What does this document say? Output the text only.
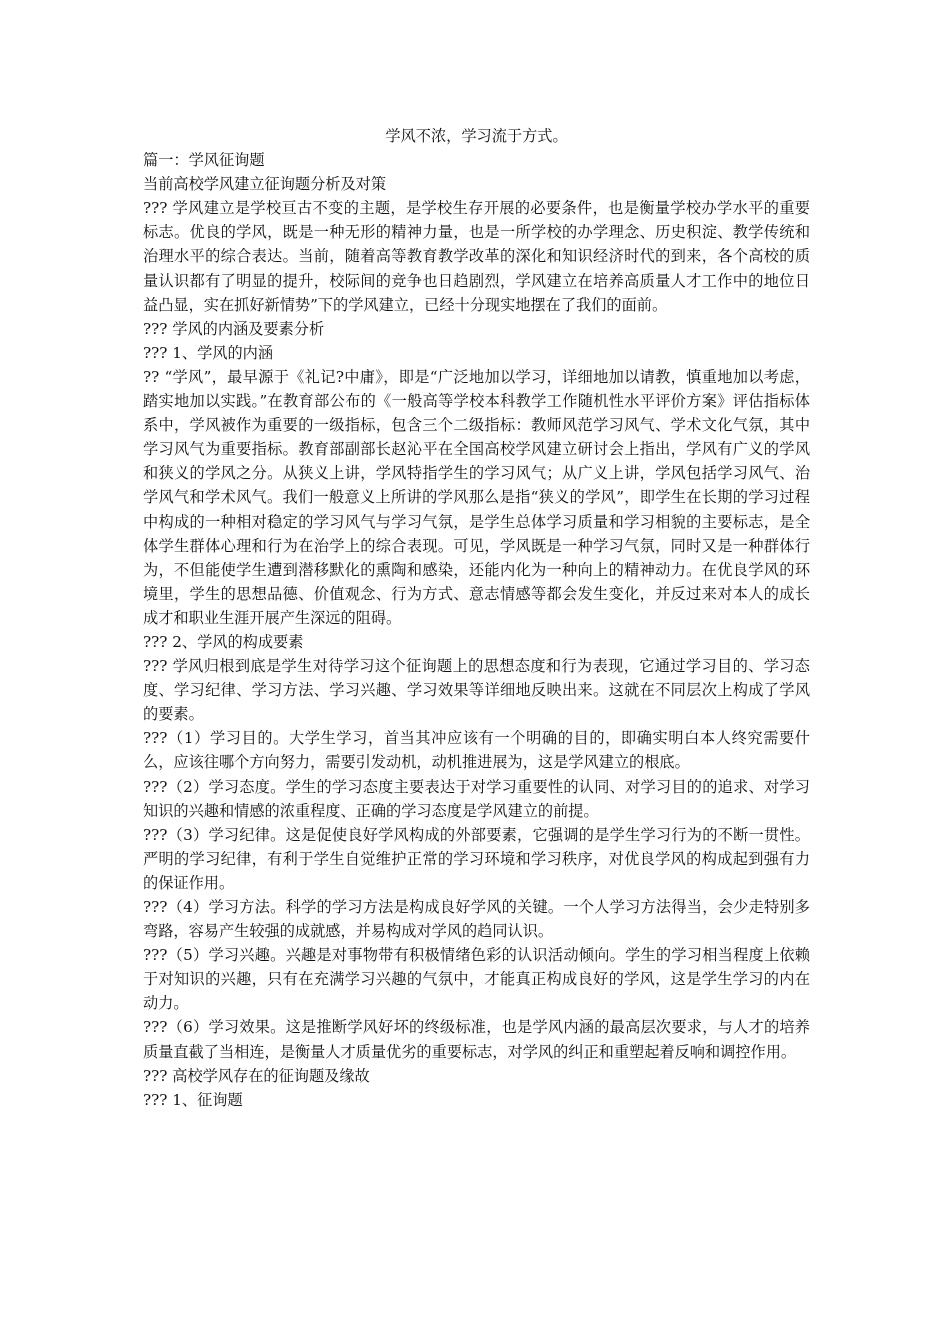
学风不浓，学习流于方式。

篇一：学风征询题

当前高校学风建立征询题分析及对策

??? 学风建立是学校亘古不变的主题，是学校生存开展的必要条件，也是衡量学校办学水平的重要标志。优良的学风，既是一种无形的精神力量，也是一所学校的办学理念、历史积淀、教学传统和治理水平的综合表达。当前，随着高等教育教学改革的深化和知识经济时代的到来，各个高校的质量认识都有了明显的提升，校际间的竞争也日趋剧烈，学风建立在培养高质量人才工作中的地位日益凸显，实在抓好新情势”下的学风建立，已经十分现实地摆在了我们的面前。

??? 学风的内涵及要素分析

??? 1、学风的内涵

?? “学风”，最早源于《礼记?中庸》，即是“广泛地加以学习，详细地加以请教，慎重地加以考虑，踏实地加以实践。”在教育部公布的《一般高等学校本科教学工作随机性水平评价方案》评估指标体系中，学风被作为重要的一级指标，包含三个二级指标：教师风范学习风气、学术文化气氛，其中学习风气为重要指标。教育部副部长赵沁平在全国高校学风建立研讨会上指出，学风有广义的学风和狭义的学风之分。从狭义上讲，学风特指学生的学习风气；从广义上讲，学风包括学习风气、治学风气和学术风气。我们一般意义上所讲的学风那么是指“狭义的学风”，即学生在长期的学习过程中构成的一种相对稳定的学习风气与学习气氛，是学生总体学习质量和学习相貌的主要标志，是全体学生群体心理和行为在治学上的综合表现。可见，学风既是一种学习气氛，同时又是一种群体行为，不但能使学生遭到潜移默化的熏陶和感染，还能内化为一种向上的精神动力。在优良学风的环境里，学生的思想品德、价值观念、行为方式、意志情感等都会发生变化，并反过来对本人的成长成才和职业生涯开展产生深远的阻碍。

??? 2、学风的构成要素

??? 学风归根到底是学生对待学习这个征询题上的思想态度和行为表现，它通过学习目的、学习态度、学习纪律、学习方法、学习兴趣、学习效果等详细地反映出来。这就在不同层次上构成了学风的要素。

???（1）学习目的。大学生学习，首当其冲应该有一个明确的目的，即确实明白本人终究需要什么，应该往哪个方向努力，需要引发动机，动机推进展为，这是学风建立的根底。

???（2）学习态度。学生的学习态度主要表达于对学习重要性的认同、对学习目的的追求、对学习知识的兴趣和情感的浓重程度、正确的学习态度是学风建立的前提。

???（3）学习纪律。这是促使良好学风构成的外部要素，它强调的是学生学习行为的不断一贯性。严明的学习纪律，有利于学生自觉维护正常的学习环境和学习秩序，对优良学风的构成起到强有力的保证作用。

???（4）学习方法。科学的学习方法是构成良好学风的关键。一个人学习方法得当，会少走特别多弯路，容易产生较强的成就感，并易构成对学风的趋同认识。

???（5）学习兴趣。兴趣是对事物带有积极情绪色彩的认识活动倾向。学生的学习相当程度上依赖于对知识的兴趣，只有在充满学习兴趣的气氛中，才能真正构成良好的学风，这是学生学习的内在动力。

???（6）学习效果。这是推断学风好坏的终级标准，也是学风内涵的最高层次要求，与人才的培养质量直截了当相连，是衡量人才质量优劣的重要标志，对学风的纠正和重塑起着反响和调控作用。

??? 高校学风存在的征询题及缘故

??? 1、征询题
